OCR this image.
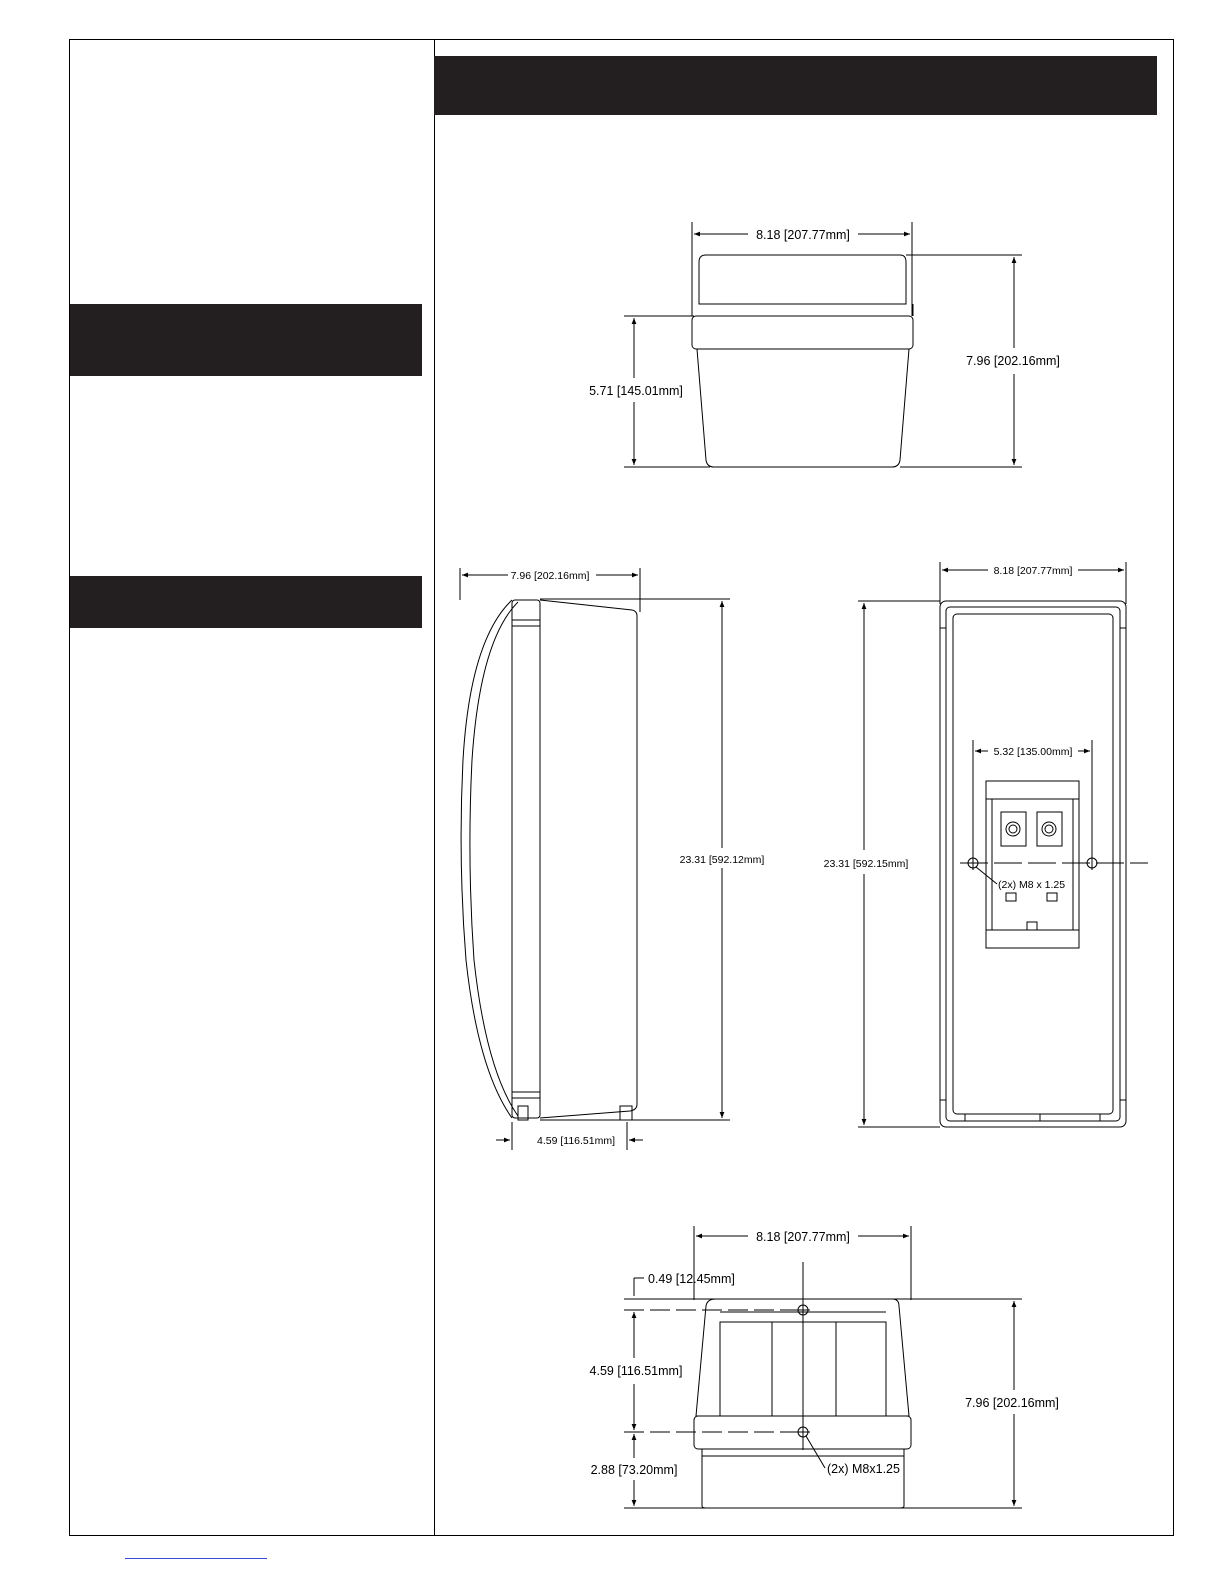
8.18 [207.77mm]
7.96 [202.16mm]
5.71 [145.01mm]
7.96 [202.16mm]
23.31 [592.12mm]
4.59 [116.51mm]
8.18 [207.77mm]
23.31 [592.15mm]
5.32 [135.00mm]
(2x) M8 x 1.25
8.18 [207.77mm]
0.49 [12.45mm]
4.59 [116.51mm]
2.88 [73.20mm]
7.96 [202.16mm]
(2x) M8x1.25
